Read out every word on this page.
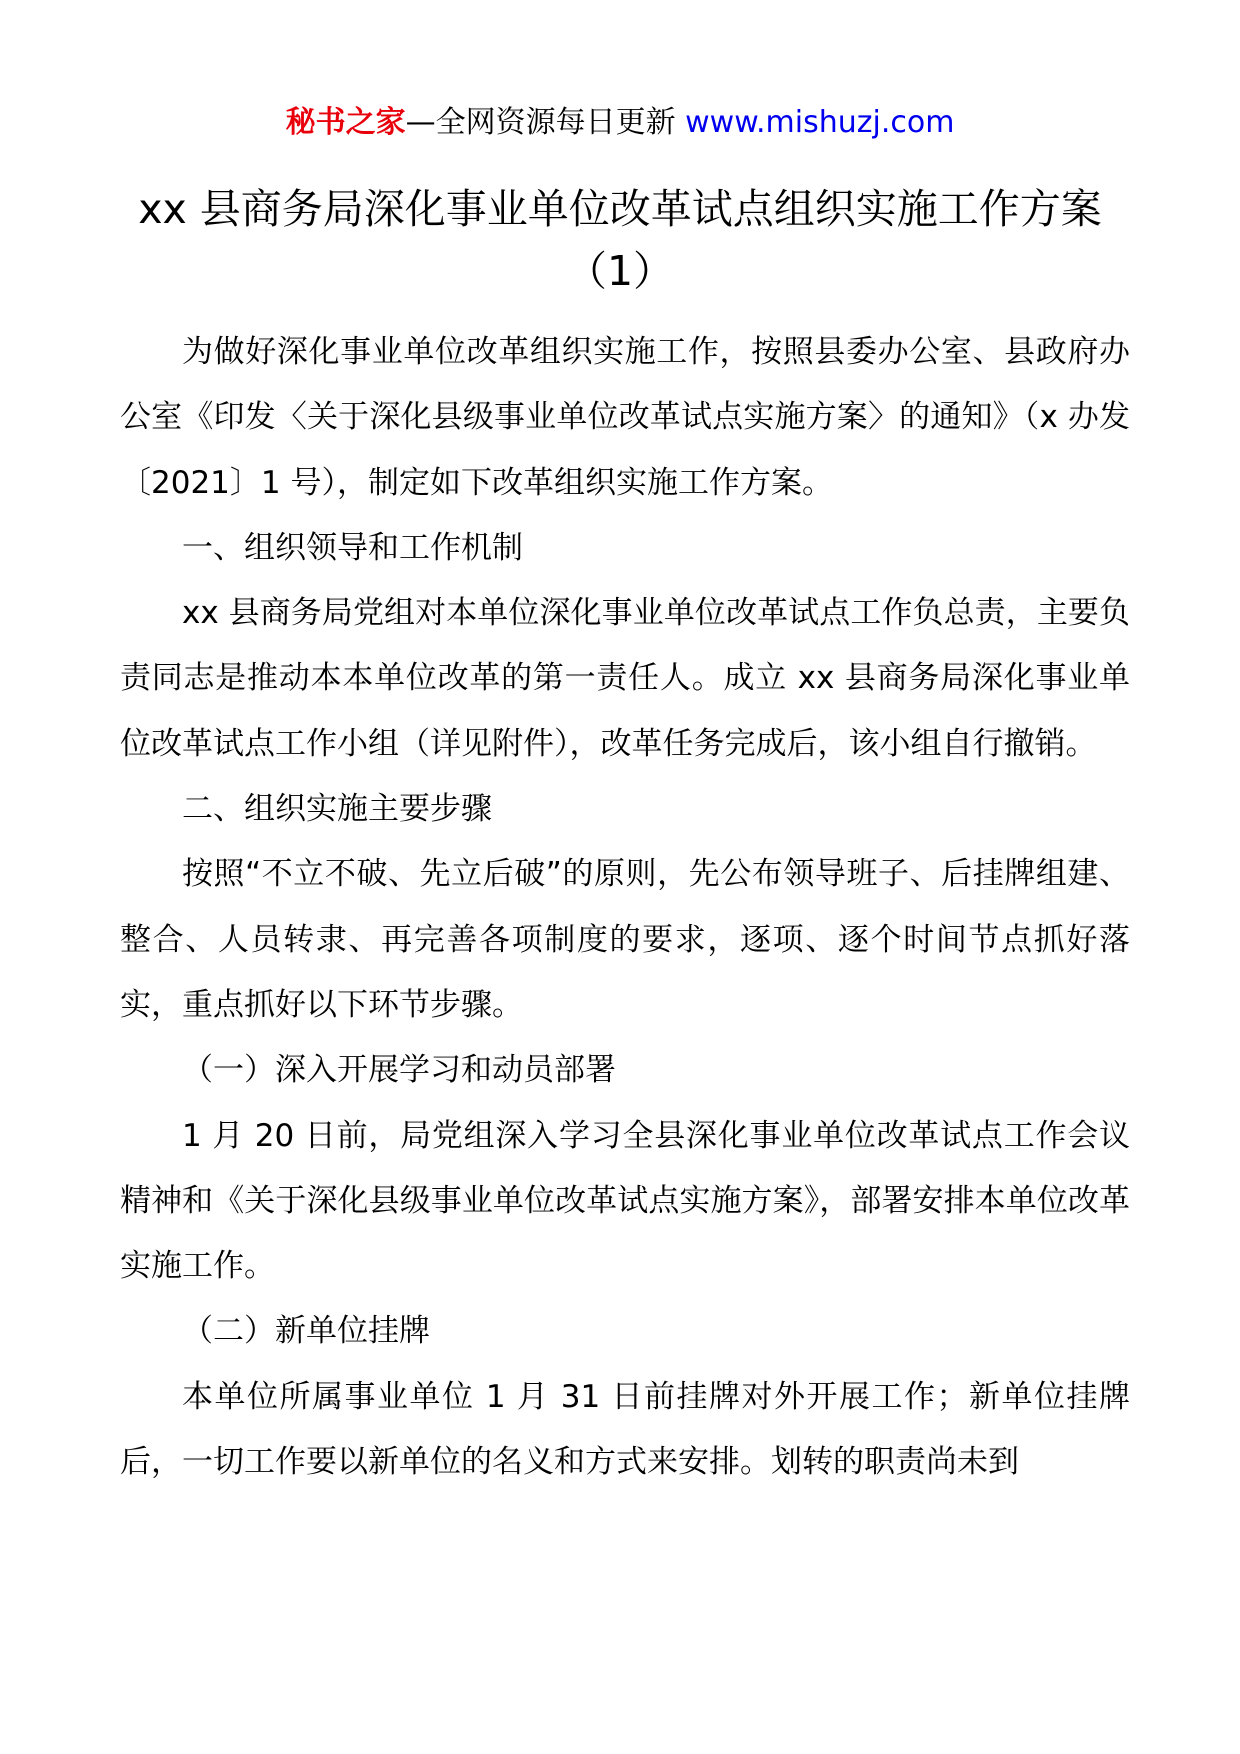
秘书之家—全网资源每日更新 www.mishuzj.com
xx 县商务局深化事业单位改革试点组织实施工作方案（1）

为做好深化事业单位改革组织实施工作，按照县委办公室、县政府办公室《印发〈关于深化县级事业单位改革试点实施方案〉的通知》（x 办发〔2021〕1 号），制定如下改革组织实施工作方案。

一、组织领导和工作机制

xx 县商务局党组对本单位深化事业单位改革试点工作负总责，主要负责同志是推动本本单位改革的第一责任人。成立 xx 县商务局深化事业单位改革试点工作小组（详见附件），改革任务完成后，该小组自行撤销。

二、组织实施主要步骤

按照“不立不破、先立后破”的原则，先公布领导班子、后挂牌组建、整合、人员转隶、再完善各项制度的要求，逐项、逐个时间节点抓好落实，重点抓好以下环节步骤。

（一）深入开展学习和动员部署

1 月 20 日前，局党组深入学习全县深化事业单位改革试点工作会议精神和《关于深化县级事业单位改革试点实施方案》，部署安排本单位改革实施工作。

（二）新单位挂牌

本单位所属事业单位 1 月 31 日前挂牌对外开展工作；新单位挂牌后，一切工作要以新单位的名义和方式来安排。划转的职责尚未到
